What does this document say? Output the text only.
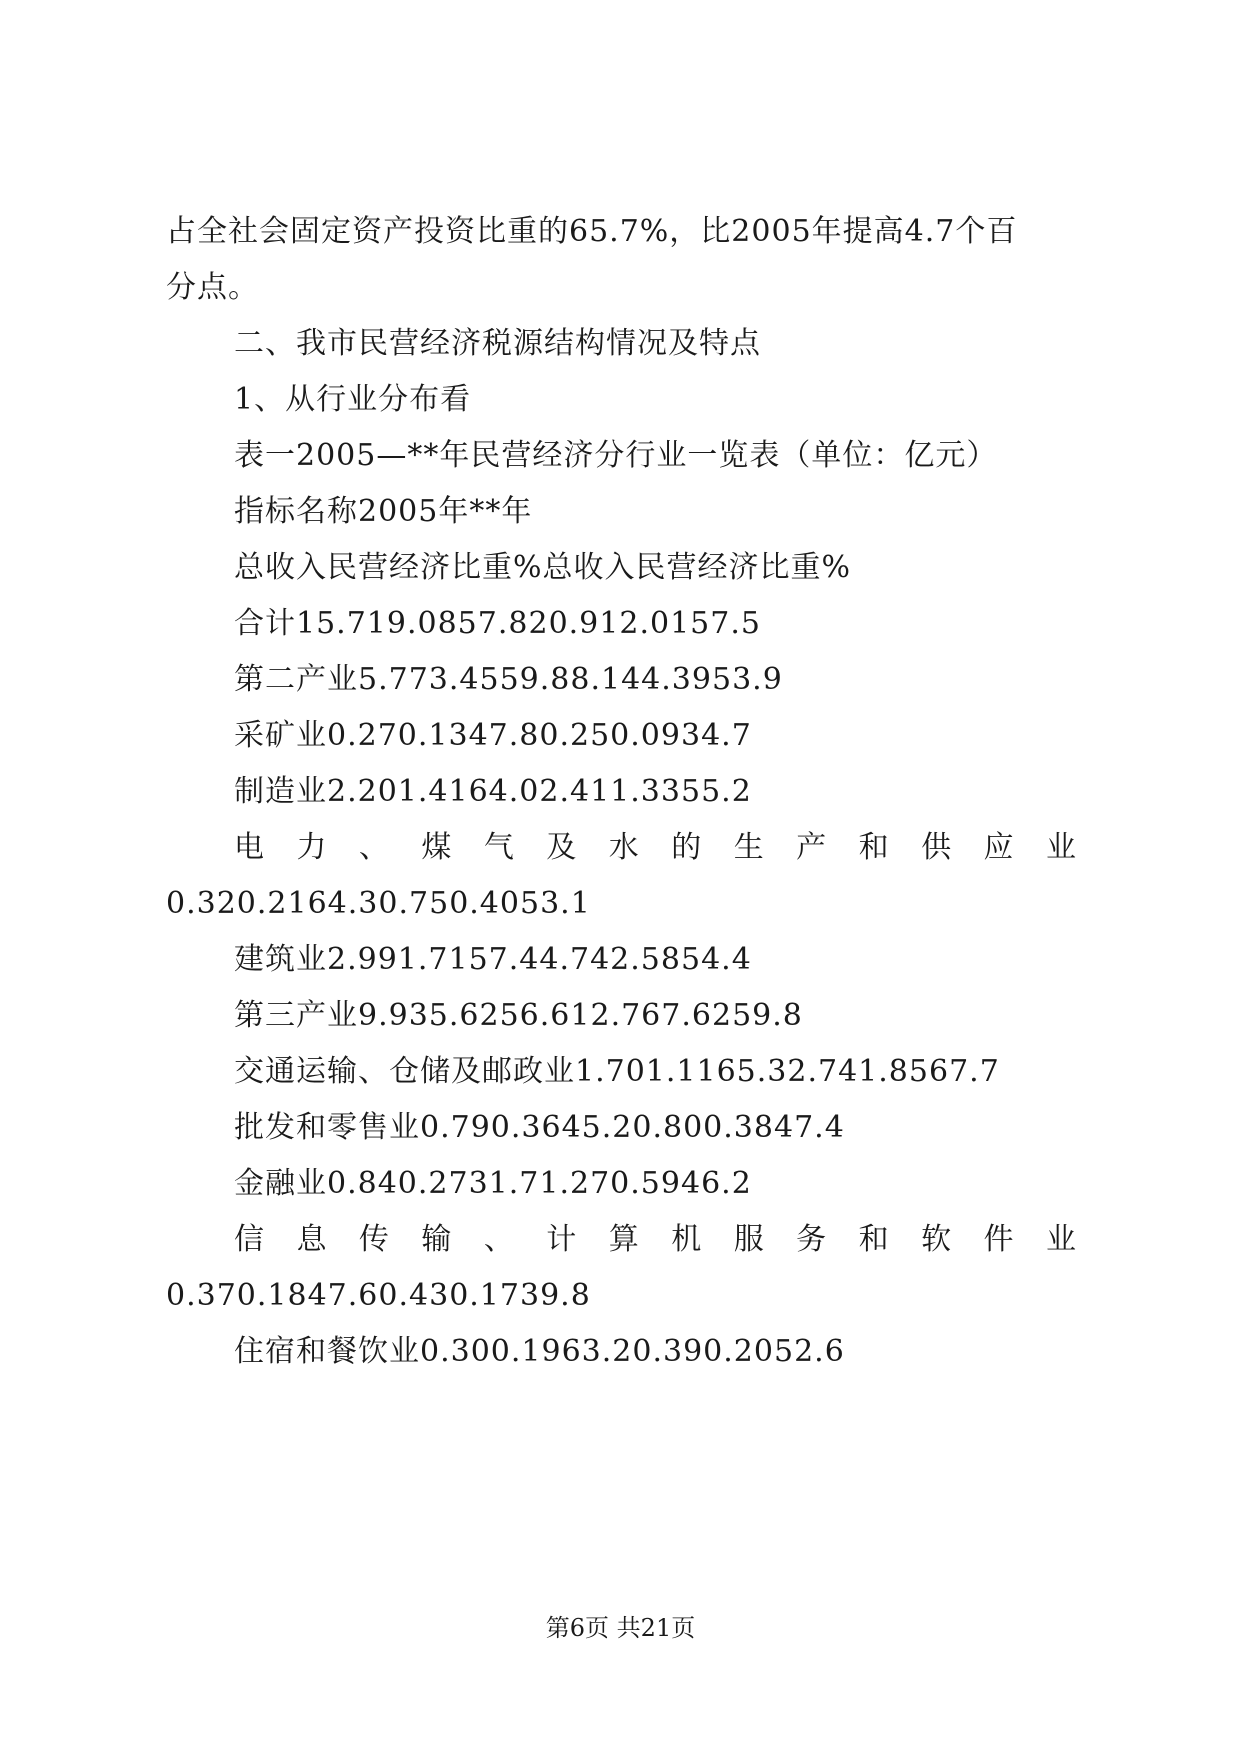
占全社会固定资产投资比重的65.7%，比2005年提高4.7个百
分点。
二、我市民营经济税源结构情况及特点
1、从行业分布看
表一2005—**年民营经济分行业一览表（单位：亿元）
指标名称2005年**年
总收入民营经济比重%总收入民营经济比重%
合计15.719.0857.820.912.0157.5
第二产业5.773.4559.88.144.3953.9
采矿业0.270.1347.80.250.0934.7
制造业2.201.4164.02.411.3355.2
电力、煤气及水的生产和供应业
0.320.2164.30.750.4053.1
建筑业2.991.7157.44.742.5854.4
第三产业9.935.6256.612.767.6259.8
交通运输、仓储及邮政业1.701.1165.32.741.8567.7
批发和零售业0.790.3645.20.800.3847.4
金融业0.840.2731.71.270.5946.2
信息传输、计算机服务和软件业
0.370.1847.60.430.1739.8
住宿和餐饮业0.300.1963.20.390.2052.6
第6页 共21页
